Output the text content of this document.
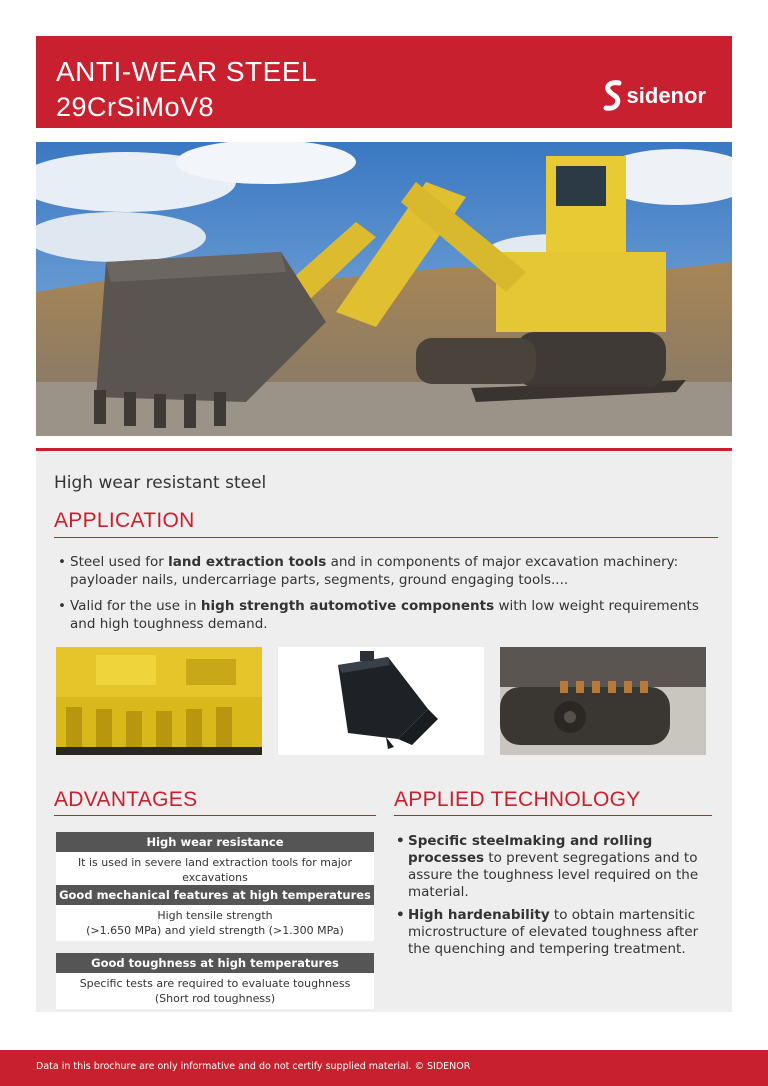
ANTI-WEAR STEEL
29CrSiMoV8	sidenor
High wear resistant steel
APPLICATION
• Steel used for land extraction tools and in components of major excavation machinery: payloader nails, undercarriage parts, segments, ground engaging tools....
• Valid for the use in high strength automotive components with low weight requirements and high toughness demand.
ADVANTAGES
High wear resistance
It is used in severe land extraction tools for major excavations
Good mechanical features at high temperatures
High tensile strength
(>1.650 MPa) and yield strength (>1.300 MPa)
Good toughness at high temperatures
Specific tests are required to evaluate toughness
(Short rod toughness)
APPLIED TECHNOLOGY
• Specific steelmaking and rolling processes to prevent segregations and to assure the toughness level required on the material.
• High hardenability to obtain martensitic microstructure of elevated toughness after the quenching and tempering treatment.
Data in this brochure are only informative and do not certify supplied material. © SIDENOR
